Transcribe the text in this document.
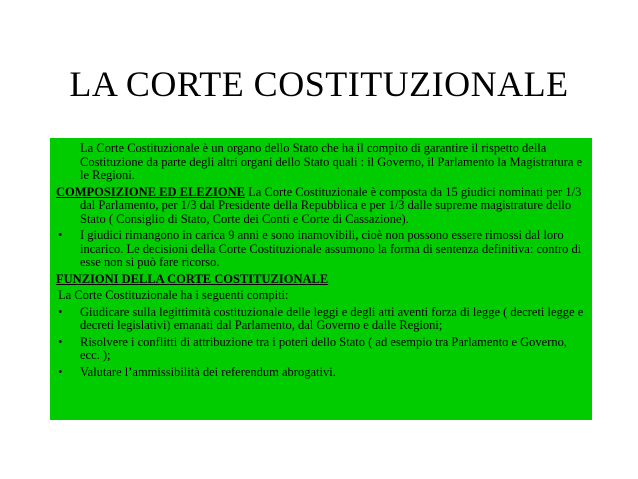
LA CORTE COSTITUZIONALE

La Corte Costituzionale è un organo dello Stato che ha il compito di garantire il rispetto della Costituzione da parte degli altri organi dello Stato quali : il Governo, il Parlamento la Magistratura e le Regioni.

COMPOSIZIONE ED ELEZIONE La Corte Costituzionale è composta da 15 giudici nominati per 1/3 dal Parlamento, per 1/3 dal Presidente della Repubblica e per 1/3 dalle supreme magistrature dello Stato ( Consiglio di Stato, Corte dei Conti e Corte di Cassazione).

• I giudici rimangono in carica 9 anni e sono inamovibili, cioè non possono essere rimossi dal loro incarico. Le decisioni della Corte Costituzionale assumono la forma di sentenza definitiva: contro di esse non si può fare ricorso.

FUNZIONI DELLA CORTE COSTITUZIONALE

La Corte Costituzionale ha i seguenti compiti:

• Giudicare sulla legittimità costituzionale delle leggi e degli atti aventi forza di legge ( decreti legge e decreti legislativi) emanati dal Parlamento, dal Governo e dalle Regioni;
• Risolvere i conflitti di attribuzione tra i poteri dello Stato ( ad esempio tra Parlamento e Governo, ecc. );
• Valutare l’ammissibilità dei referendum abrogativi.
